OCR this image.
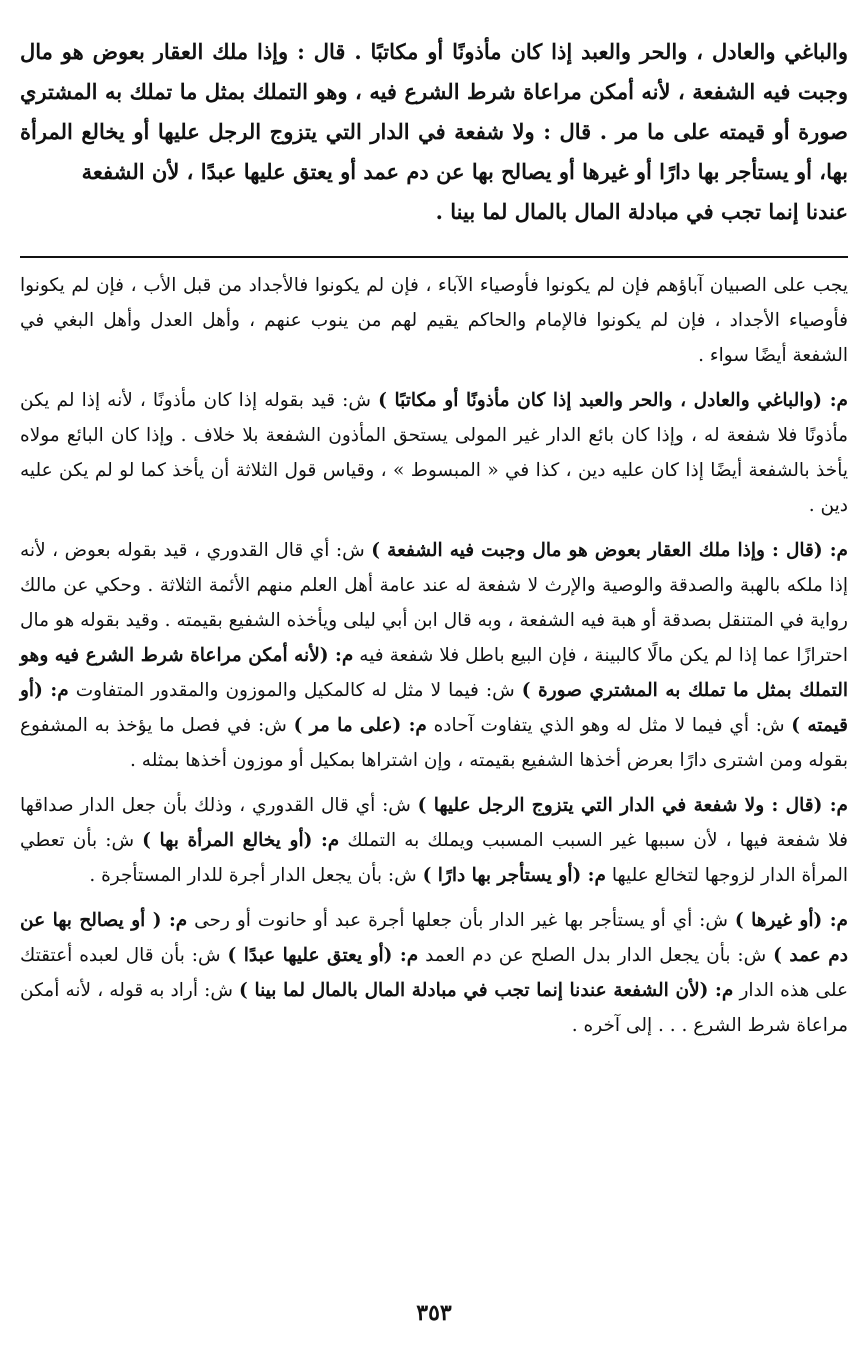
والباغي والعادل ، والحر والعبد إذا كان مأذونًا أو مكاتبًا . قال : وإذا ملك العقار بعوض هو مال وجبت فيه الشفعة ، لأنه أمكن مراعاة شرط الشرع فيه ، وهو التملك بمثل ما تملك به المشتري صورة أو قيمته على ما مر . قال : ولا شفعة في الدار التي يتزوج الرجل عليها أو يخالع المرأة بها، أو يستأجر بها دارًا أو غيرها أو يصالح بها عن دم عمد أو يعتق عليها عبدًا ، لأن الشفعة
عندنا إنما تجب في مبادلة المال بالمال لما بينا .

يجب على الصبيان آباؤهم فإن لم يكونوا فأوصياء الآباء ، فإن لم يكونوا فالأجداد من قبل الأب ، فإن لم يكونوا فأوصياء الأجداد ، فإن لم يكونوا فالإمام والحاكم يقيم لهم من ينوب عنهم ، وأهل العدل وأهل البغي في الشفعة أيضًا سواء .

م: (والباغي والعادل ، والحر والعبد إذا كان مأذونًا أو مكاتبًا ) ش: قيد بقوله إذا كان مأذونًا ، لأنه إذا لم يكن مأذونًا فلا شفعة له ، وإذا كان بائع الدار غير المولى يستحق المأذون الشفعة بلا خلاف . وإذا كان البائع مولاه يأخذ بالشفعة أيضًا إذا كان عليه دين ، كذا في « المبسوط » ، وقياس قول الثلاثة أن يأخذ كما لو لم يكن عليه دين .

م: (قال : وإذا ملك العقار بعوض هو مال وجبت فيه الشفعة ) ش: أي قال القدوري ، قيد بقوله بعوض ، لأنه إذا ملكه بالهبة والصدقة والوصية والإرث لا شفعة له عند عامة أهل العلم منهم الأئمة الثلاثة . وحكي عن مالك رواية في المتنقل بصدقة أو هبة فيه الشفعة ، وبه قال ابن أبي ليلى ويأخذه الشفيع بقيمته . وقيد بقوله هو مال احترازًا عما إذا لم يكن مالًا كالبينة ، فإن البيع باطل فلا شفعة فيه م: (لأنه أمكن مراعاة شرط الشرع فيه وهو التملك بمثل ما تملك به المشتري صورة ) ش: فيما لا مثل له كالمكيل والموزون والمقدور المتفاوت م: (أو قيمته ) ش: أي فيما لا مثل له وهو الذي يتفاوت آحاده م: (على ما مر ) ش: في فصل ما يؤخذ به المشفوع بقوله ومن اشترى دارًا بعرض أخذها الشفيع بقيمته ، وإن اشتراها بمكيل أو موزون أخذها بمثله .

م: (قال : ولا شفعة في الدار التي يتزوج الرجل عليها ) ش: أي قال القدوري ، وذلك بأن جعل الدار صداقها فلا شفعة فيها ، لأن سببها غير السبب المسبب ويملك به التملك م: (أو يخالع المرأة بها ) ش: بأن تعطي المرأة الدار لزوجها لتخالع عليها م: (أو يستأجر بها دارًا ) ش: بأن يجعل الدار أجرة للدار المستأجرة .

م: (أو غيرها ) ش: أي أو يستأجر بها غير الدار بأن جعلها أجرة عبد أو حانوت أو رحى م: ( أو يصالح بها عن دم عمد ) ش: بأن يجعل الدار بدل الصلح عن دم العمد م: (أو يعتق عليها عبدًا ) ش: بأن قال لعبده أعتقتك على هذه الدار م: (لأن الشفعة عندنا إنما تجب في مبادلة المال بالمال لما بينا ) ش: أراد به قوله ، لأنه أمكن مراعاة شرط الشرع . . . إلى آخره .

٣٥٣
